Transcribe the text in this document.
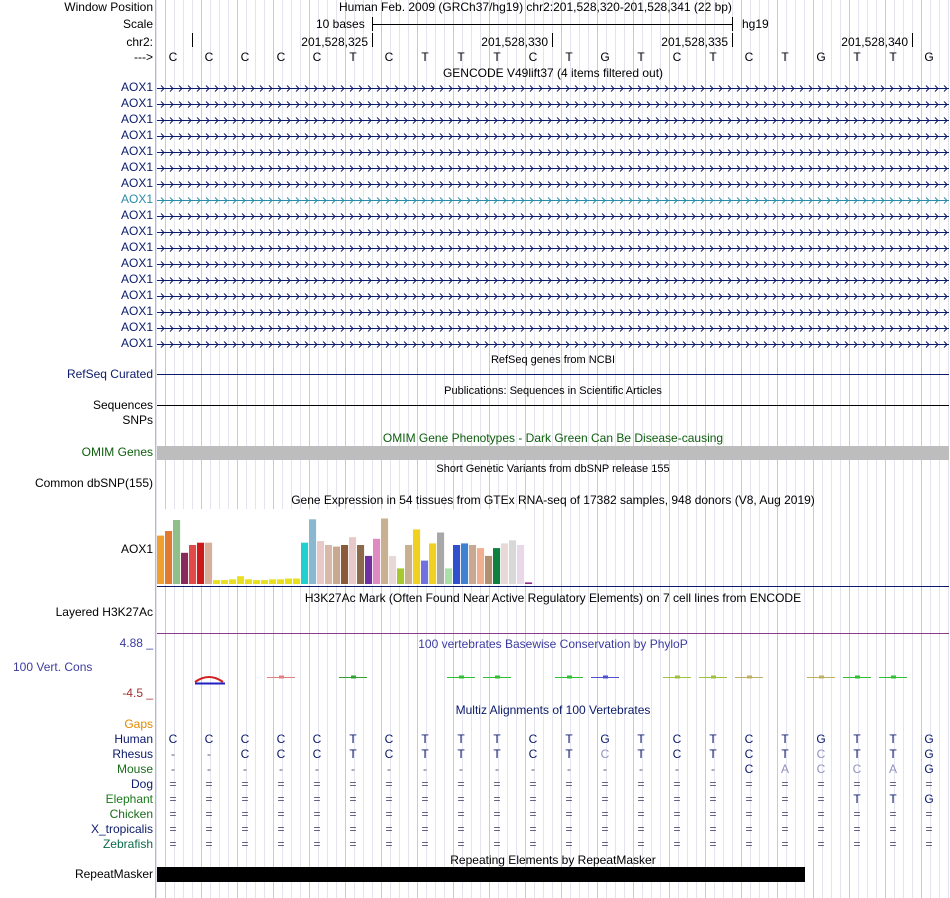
Window Position	Human Feb. 2009 (GRCh37/hg19) chr2:201,528,320-201,528,341 (22 bp)
Scale	10 bases	hg19
chr2:	201,528,325	201,528,330	201,528,335	201,528,340
--->	C	C	C	C	C	T	C	T	T	T	C	T	G	T	C	T	C	T	G	T	T	G
GENCODE V49lift37 (4 items filtered out)
AOX1
AOX1
AOX1
AOX1
AOX1
AOX1
AOX1
AOX1
AOX1
AOX1
AOX1
AOX1
AOX1
AOX1
AOX1
AOX1
AOX1
RefSeq genes from NCBI
RefSeq Curated
Publications: Sequences in Scientific Articles
Sequences
SNPs
OMIM Gene Phenotypes - Dark Green Can Be Disease-causing
OMIM Genes
Short Genetic Variants from dbSNP release 155
Common dbSNP(155)
Gene Expression in 54 tissues from GTEx RNA-seq of 17382 samples, 948 donors (V8, Aug 2019)
AOX1
H3K27Ac Mark (Often Found Near Active Regulatory Elements) on 7 cell lines from ENCODE
Layered H3K27Ac
100 vertebrates Basewise Conservation by PhyloP
4.88 _
100 Vert. Cons
-4.5 _
Multiz Alignments of 100 Vertebrates
Gaps
Human	C	C	C	C	C	T	C	T	T	T	C	T	G	T	C	T	C	T	G	T	T	G
Rhesus	-	-	C	C	C	T	C	T	T	T	C	T	C	T	C	T	C	T	C	T	T	G
Mouse	-	-	-	-	-	-	-	-	-	-	-	-	-	-	-	-	C	A	C	C	A	G
Dog	=	=	=	=	=	=	=	=	=	=	=	=	=	=	=	=	=	=	=	=	=	=
Elephant	=	=	=	=	=	=	=	=	=	=	=	=	=	=	=	=	=	=	=	T	T	G
Chicken	=	=	=	=	=	=	=	=	=	=	=	=	=	=	=	=	=	=	=	=	=	=
X_tropicalis	=	=	=	=	=	=	=	=	=	=	=	=	=	=	=	=	=	=	=	=	=	=
Zebrafish	=	=	=	=	=	=	=	=	=	=	=	=	=	=	=	=	=	=	=	=	=	=
Repeating Elements by RepeatMasker
RepeatMasker
